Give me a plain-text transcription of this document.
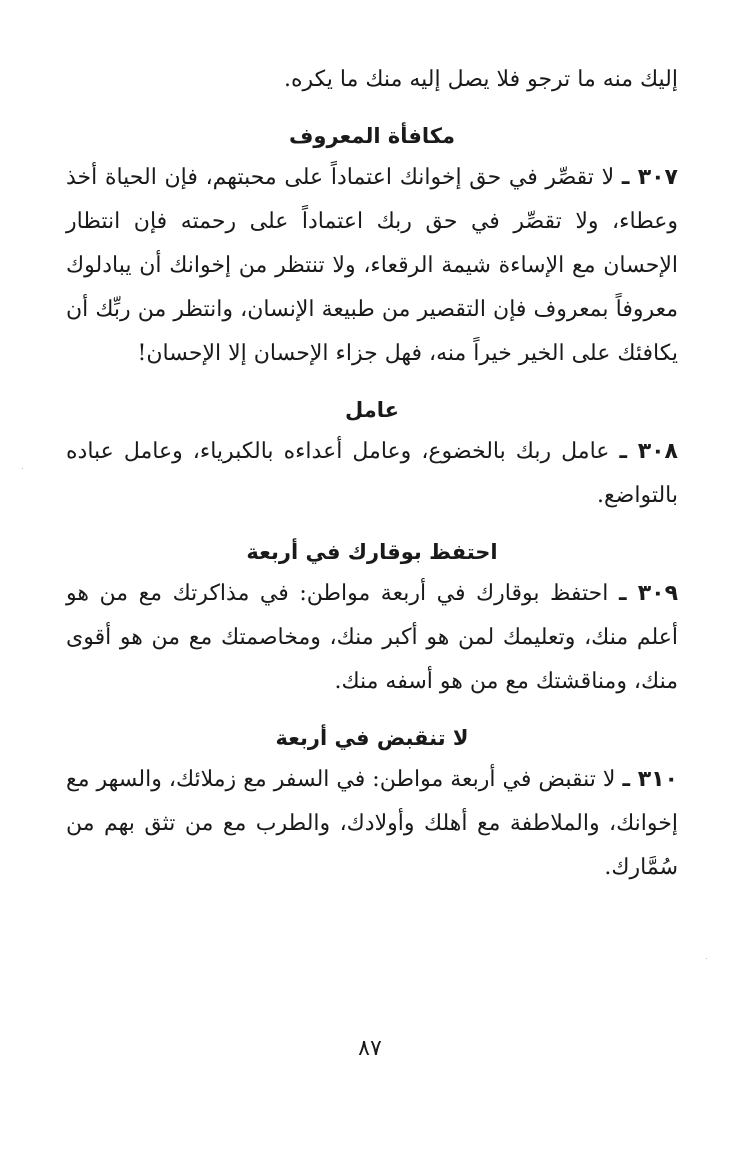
إليك منه ما ترجو فلا يصل إليه منك ما يكره.

مكافأة المعروف

٣٠٧ ـ لا تقصِّر في حق إخوانك اعتماداً على محبتهم، فإن الحياة أخذ وعطاء، ولا تقصِّر في حق ربك اعتماداً على رحمته فإن انتظار الإحسان مع الإساءة شيمة الرقعاء، ولا تنتظر من إخوانك أن يبادلوك معروفاً بمعروف فإن التقصير من طبيعة الإنسان، وانتظر من ربِّك أن يكافئك على الخير خيراً منه، فهل جزاء الإحسان إلا الإحسان!

عامل

٣٠٨ ـ عامل ربك بالخضوع، وعامل أعداءه بالكبرياء، وعامل عباده بالتواضع.

احتفظ بوقارك في أربعة

٣٠٩ ـ احتفظ بوقارك في أربعة مواطن: في مذاكرتك مع من هو أعلم منك، وتعليمك لمن هو أكبر منك، ومخاصمتك مع من هو أقوى منك، ومناقشتك مع من هو أسفه منك.

لا تنقبض في أربعة

٣١٠ ـ لا تنقبض في أربعة مواطن: في السفر مع زملائك، والسهر مع إخوانك، والملاطفة مع أهلك وأولادك، والطرب مع من تثق بهم من سُمَّارك.

٨٧
